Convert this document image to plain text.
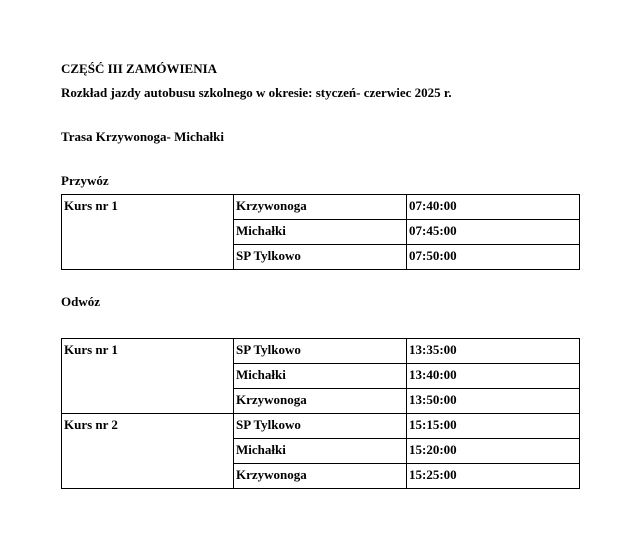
CZĘŚĆ III ZAMÓWIENIA

Rozkład jazdy autobusu szkolnego w okresie: styczeń- czerwiec 2025 r.

Trasa Krzywonoga- Michałki

Przywóz

Kurs nr 1	Krzywonoga	07:40:00
	Michałki	07:45:00
	SP Tylkowo	07:50:00

Odwóz

Kurs nr 1	SP Tylkowo	13:35:00
	Michałki	13:40:00
	Krzywonoga	13:50:00
Kurs nr 2	SP Tylkowo	15:15:00
	Michałki	15:20:00
	Krzywonoga	15:25:00
